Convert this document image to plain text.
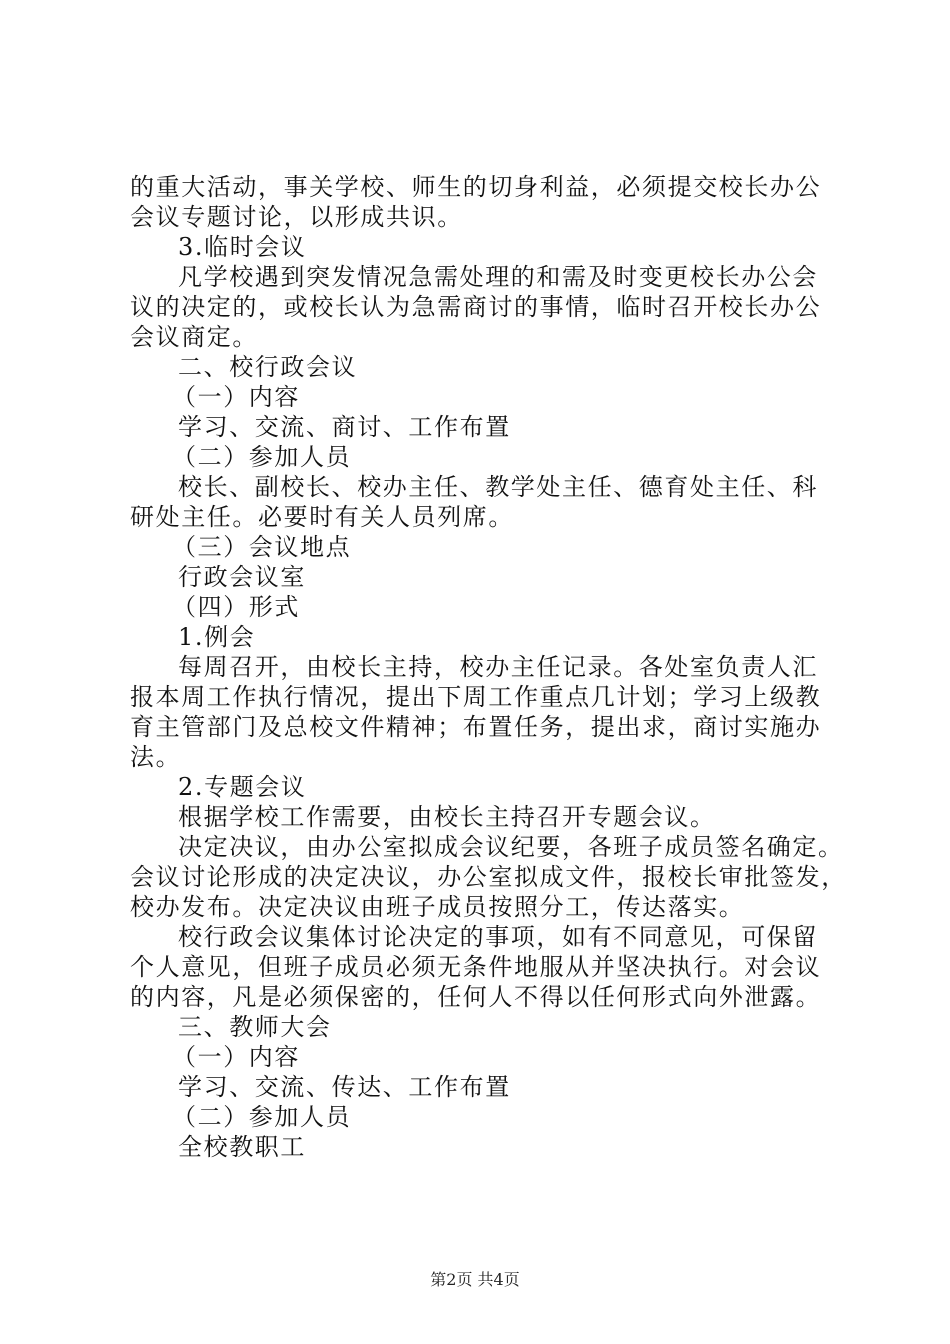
的重大活动，事关学校、师生的切身利益，必须提交校长办公
会议专题讨论，以形成共识。
3.临时会议
凡学校遇到突发情况急需处理的和需及时变更校长办公会
议的决定的，或校长认为急需商讨的事情，临时召开校长办公
会议商定。
二、校行政会议
（一）内容
学习、交流、商讨、工作布置
（二）参加人员
校长、副校长、校办主任、教学处主任、德育处主任、科
研处主任。必要时有关人员列席。
（三）会议地点
行政会议室
（四）形式
1.例会
每周召开，由校长主持，校办主任记录。各处室负责人汇
报本周工作执行情况，提出下周工作重点几计划；学习上级教
育主管部门及总校文件精神；布置任务，提出求，商讨实施办
法。
2.专题会议
根据学校工作需要，由校长主持召开专题会议。
决定决议，由办公室拟成会议纪要，各班子成员签名确定。
会议讨论形成的决定决议，办公室拟成文件，报校长审批签发，
校办发布。决定决议由班子成员按照分工，传达落实。
校行政会议集体讨论决定的事项，如有不同意见，可保留
个人意见，但班子成员必须无条件地服从并坚决执行。对会议
的内容，凡是必须保密的，任何人不得以任何形式向外泄露。
三、教师大会
（一）内容
学习、交流、传达、工作布置
（二）参加人员
全校教职工
第2页 共4页
